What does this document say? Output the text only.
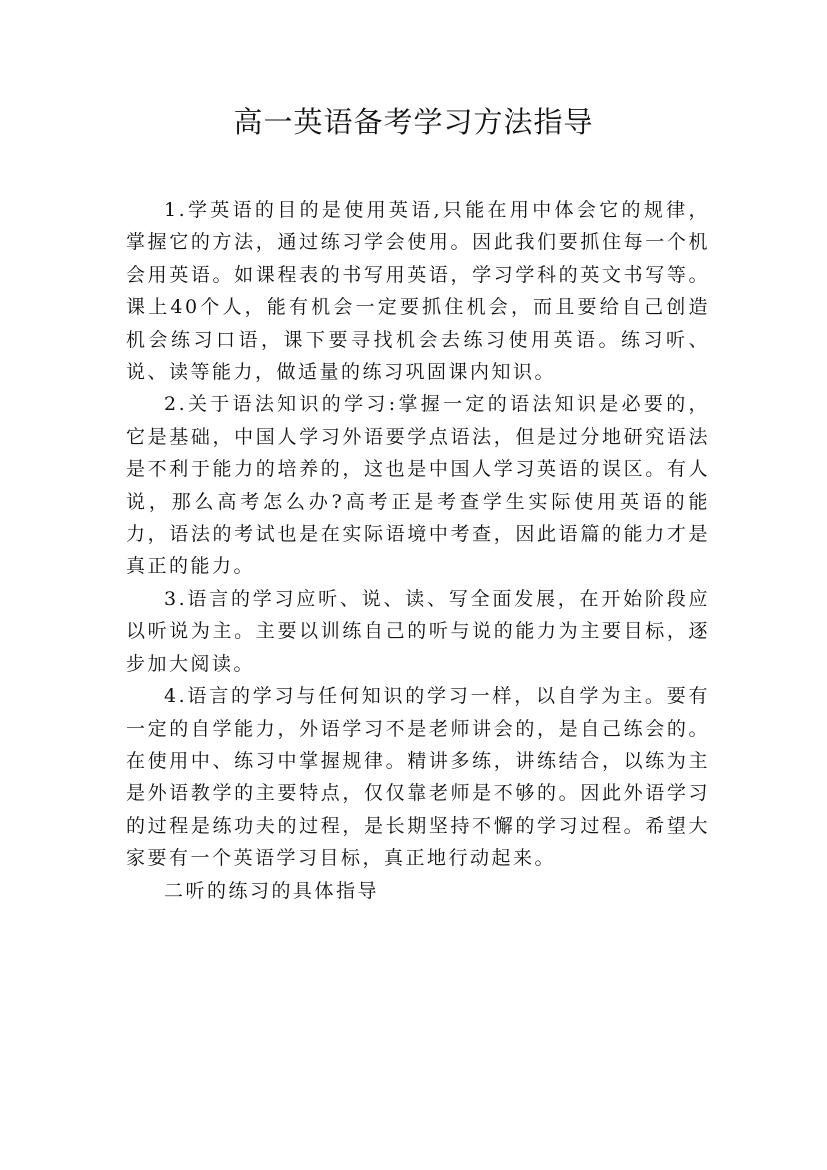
高一英语备考学习方法指导

1.学英语的目的是使用英语,只能在用中体会它的规律，掌握它的方法，通过练习学会使用。因此我们要抓住每一个机会用英语。如课程表的书写用英语，学习学科的英文书写等。课上40个人，能有机会一定要抓住机会，而且要给自己创造机会练习口语，课下要寻找机会去练习使用英语。练习听、说、读等能力，做适量的练习巩固课内知识。

2.关于语法知识的学习:掌握一定的语法知识是必要的，它是基础，中国人学习外语要学点语法，但是过分地研究语法是不利于能力的培养的，这也是中国人学习英语的误区。有人说，那么高考怎么办?高考正是考查学生实际使用英语的能力，语法的考试也是在实际语境中考查，因此语篇的能力才是真正的能力。

3.语言的学习应听、说、读、写全面发展，在开始阶段应以听说为主。主要以训练自己的听与说的能力为主要目标，逐步加大阅读。

4.语言的学习与任何知识的学习一样，以自学为主。要有一定的自学能力，外语学习不是老师讲会的，是自己练会的。在使用中、练习中掌握规律。精讲多练，讲练结合，以练为主是外语教学的主要特点，仅仅靠老师是不够的。因此外语学习的过程是练功夫的过程，是长期坚持不懈的学习过程。希望大家要有一个英语学习目标，真正地行动起来。

二听的练习的具体指导
